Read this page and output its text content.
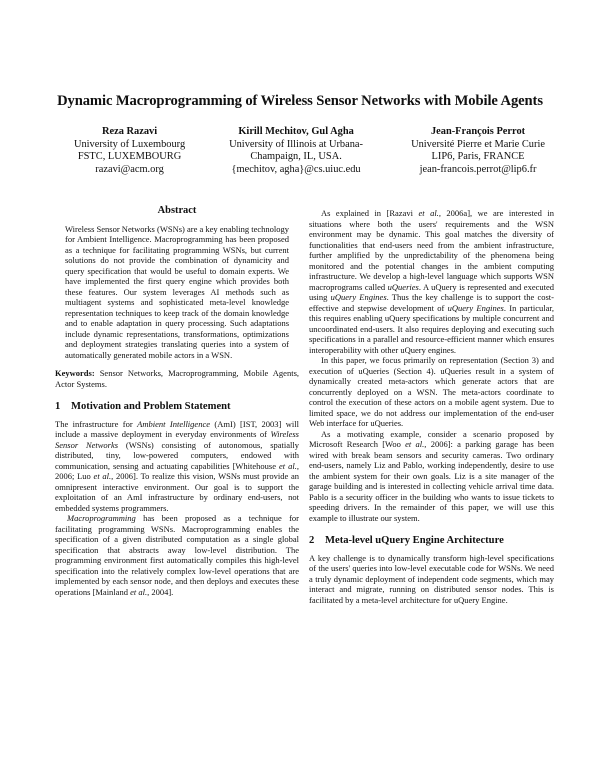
Dynamic Macroprogramming of Wireless Sensor Networks with Mobile Agents
Reza Razavi
University of Luxembourg
FSTC, LUXEMBOURG
razavi@acm.org
Kirill Mechitov, Gul Agha
University of Illinois at Urbana-
Champaign, IL, USA.
{mechitov, agha}@cs.uiuc.edu
Jean-François Perrot
Université Pierre et Marie Curie
LIP6, Paris, FRANCE
jean-francois.perrot@lip6.fr
Abstract

Wireless Sensor Networks (WSNs) are a key enabling technology for Ambient Intelligence. Macroprogramming has been proposed as a technique for facilitating programming WSNs, but current solutions do not provide the combination of dynamicity and query specification that would be useful to domain experts. We have implemented the first query engine which provides both these features. Our system leverages AI methods such as multiagent systems and sophisticated meta-level knowledge representation techniques to keep track of the domain knowledge and to enable adaptation in query processing. Such adaptations include dynamic representations, transformations, optimizations and deployment strategies translating queries into a system of automatically generated mobile actors in a WSN.

Keywords: Sensor Networks, Macroprogramming, Mobile Agents, Actor Systems.

1 Motivation and Problem Statement

The infrastructure for Ambient Intelligence (AmI) [IST, 2003] will include a massive deployment in everyday environments of Wireless Sensor Networks (WSNs) consisting of autonomous, spatially distributed, tiny, low-powered computers, endowed with communication, sensing and actuating capabilities [Whitehouse et al., 2006; Luo et al., 2006]. To realize this vision, WSNs must provide an omnipresent interactive environment. Our goal is to support the exploitation of an AmI infrastructure by ordinary end-users, not embedded systems programmers.

Macroprogramming has been proposed as a technique for facilitating programming WSNs. Macroprogramming enables the specification of a given distributed computation as a single global specification that abstracts away low-level distribution. The programming environment first automatically compiles this high-level specification into the relatively complex low-level operations that are implemented by each sensor node, and then deploys and executes these operations [Mainland et al., 2004].

As explained in [Razavi et al., 2006a], we are interested in situations where both the users' requirements and the WSN environment may be dynamic. This goal matches the diversity of functionalities that end-users need from the ambient infrastructure, further amplified by the unpredictability of the phenomena being monitored and the potential changes in the ambient computing infrastructure. We develop a high-level language which supports WSN macroprograms called uQueries. A uQuery is represented and executed using uQuery Engines. Thus the key challenge is to support the cost-effective and stepwise development of uQuery Engines. In particular, this requires enabling uQuery specifications by multiple concurrent and uncoordinated end-users. It also requires deploying and executing such specifications in a parallel and resource-efficient manner which ensures interoperability with other uQuery engines.

In this paper, we focus primarily on representation (Section 3) and execution of uQueries (Section 4). uQueries result in a system of dynamically created meta-actors which generate actors that are concurrently deployed on a WSN. The meta-actors coordinate to control the execution of these actors on a mobile agent system. Due to limited space, we do not address our implementation of the end-user Web interface for uQueries.

As a motivating example, consider a scenario proposed by Microsoft Research [Woo et al., 2006]: a parking garage has been wired with break beam sensors and security cameras. Two ordinary end-users, namely Liz and Pablo, working independently, desire to use the ambient system for their own goals. Liz is a site manager of the garage building and is interested in collecting vehicle arrival time data. Pablo is a security officer in the building who wants to issue tickets to speeding drivers. In the remainder of this paper, we will use this example to illustrate our system.

2 Meta-level uQuery Engine Architecture

A key challenge is to dynamically transform high-level specifications of the users' queries into low-level executable code for WSNs. We need a truly dynamic deployment of independent code segments, which may interact and migrate, running on distributed sensor nodes. This is facilitated by a meta-level architecture for uQuery Engine.
